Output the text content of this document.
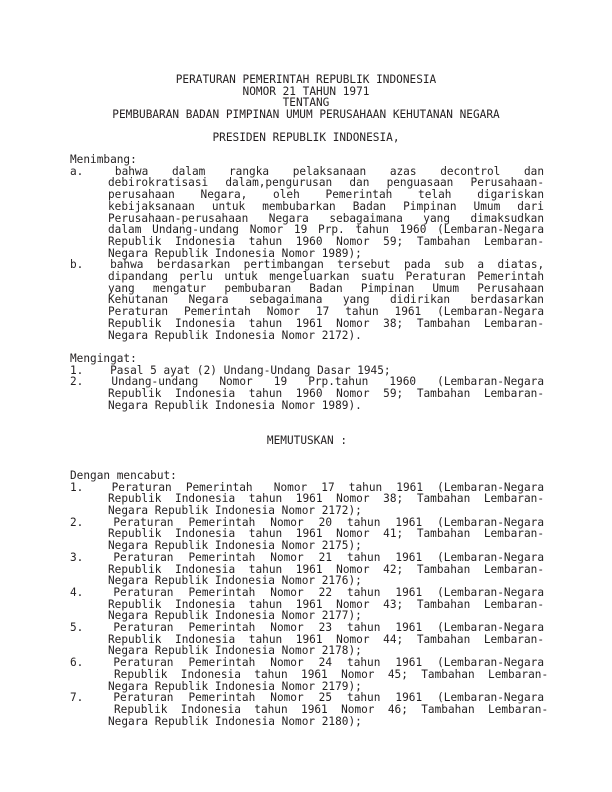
PERATURAN PEMERINTAH REPUBLIK INDONESIA
NOMOR 21 TAHUN 1971
TENTANG
PEMBUBARAN BADAN PIMPINAN UMUM PERUSAHAAN KEHUTANAN NEGARA
PRESIDEN REPUBLIK INDONESIA,
Menimbang:
a.    bahwa   dalam   rangka   pelaksanaan   azas   decontrol   dan
debirokratisasi dalam,pengurusan dan penguasaan Perusahaan-
perusahaan   Negara,   oleh   Pemerintah   telah   digariskan
kebijaksanaan  untuk  membubarkan  Badan  Pimpinan  Umum  dari
Perusahaan-perusahaan  Negara  sebagaimana  yang  dimaksudkan
dalam Undang-undang Nomor 19 Prp. tahun 1960 (Lembaran-Negara
Republik  Indonesia  tahun  1960  Nomor  59;  Tambahan  Lembaran-
Negara Republik Indonesia Nomor 1989);
b.    bahwa  berdasarkan  pertimbangan  tersebut  pada  sub  a  diatas,
dipandang perlu untuk mengeluarkan suatu Peraturan Pemerintah
yang  mengatur  pembubaran  Badan  Pimpinan  Umum  Perusahaan
Kehutanan  Negara  sebagaimana  yang  didirikan  berdasarkan
Peraturan  Pemerintah  Nomor  17  tahun  1961  (Lembaran-Negara
Republik  Indonesia  tahun  1961  Nomor  38;  Tambahan  Lembaran-
Negara Republik Indonesia Nomor 2172).

Mengingat:
1.    Pasal 5 ayat (2) Undang-Undang Dasar 1945;
2.    Undang-undang   Nomor   19   Prp.tahun   1960   (Lembaran-Negara
Republik  Indonesia  tahun  1960  Nomor  59;  Tambahan  Lembaran-
Negara Republik Indonesia Nomor 1989).

MEMUTUSKAN :

Dengan mencabut:
1.    Peraturan  Pemerintah   Nomor  17  tahun  1961  (Lembaran-Negara
Republik  Indonesia  tahun  1961  Nomor  38;  Tambahan  Lembaran-
Negara Republik Indonesia Nomor 2172);
2.    Peraturan  Pemerintah  Nomor  20  tahun  1961  (Lembaran-Negara
Republik  Indonesia  tahun  1961  Nomor  41;  Tambahan  Lembaran-
Negara Republik Indonesia Nomor 2175);
3.    Peraturan  Pemerintah  Nomor  21  tahun  1961  (Lembaran-Negara
Republik  Indonesia  tahun  1961  Nomor  42;  Tambahan  Lembaran-
Negara Republik Indonesia Nomor 2176);
4.    Peraturan  Pemerintah  Nomor  22  tahun  1961  (Lembaran-Negara
Republik  Indonesia  tahun  1961  Nomor  43;  Tambahan  Lembaran-
Negara Republik Indonesia Nomor 2177);
5.    Peraturan  Pemerintah  Nomor  23  tahun  1961  (Lembaran-Negara
Republik  Indonesia  tahun  1961  Nomor  44;  Tambahan  Lembaran-
Negara Republik Indonesia Nomor 2178);
6.    Peraturan  Pemerintah  Nomor  24  tahun  1961  (Lembaran-Negara
Republik  Indonesia  tahun  1961  Nomor  45;  Tambahan  Lembaran-
Negara Republik Indonesia Nomor 2179);
7.    Peraturan  Pemerintah  Nomor  25  tahun  1961  (Lembaran-Negara
Republik  Indonesia  tahun  1961  Nomor  46;  Tambahan  Lembaran-
Negara Republik Indonesia Nomor 2180);
